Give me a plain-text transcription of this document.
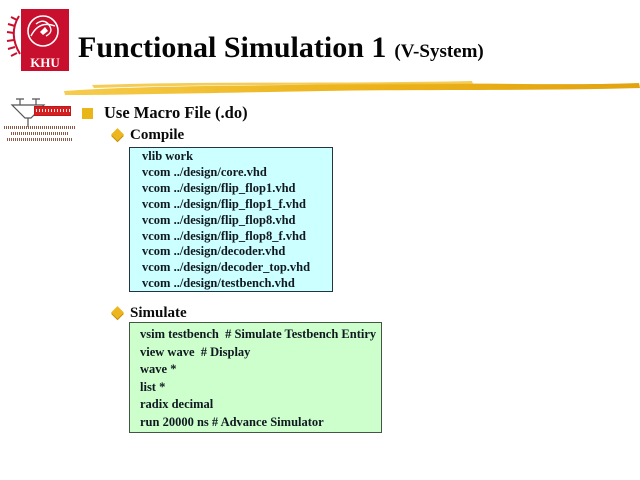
KHU Functional Simulation 1 (V-System)
Use Macro File (.do)
Compile
vlib work
vcom ../design/core.vhd
vcom ../design/flip_flop1.vhd
vcom ../design/flip_flop1_f.vhd
vcom ../design/flip_flop8.vhd
vcom ../design/flip_flop8_f.vhd
vcom ../design/decoder.vhd
vcom ../design/decoder_top.vhd
vcom ../design/testbench.vhd
Simulate
vsim testbench  # Simulate Testbench Entiry
view wave  # Display
wave *
list *
radix decimal
run 20000 ns # Advance Simulator
